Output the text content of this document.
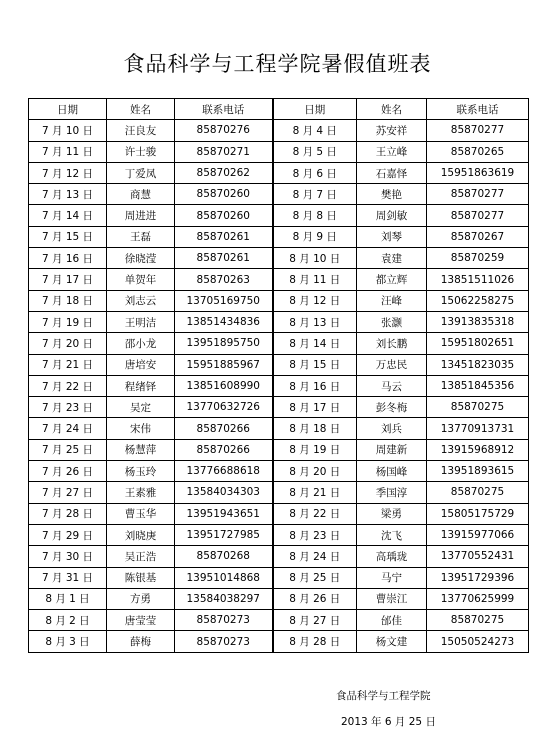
食品科学与工程学院暑假值班表
日期	姓名	联系电话	日期	姓名	联系电话
7 月 10 日	汪良友	85870276	8 月 4 日	苏安祥	85870277
7 月 11 日	许士骏	85870271	8 月 5 日	王立峰	85870265
7 月 12 日	丁爱凤	85870262	8 月 6 日	石嘉怿	15951863619
7 月 13 日	商慧	85870260	8 月 7 日	樊艳	85870277
7 月 14 日	周进进	85870260	8 月 8 日	周剑敏	85870277
7 月 15 日	王磊	85870261	8 月 9 日	刘琴	85870267
7 月 16 日	徐晓滢	85870261	8 月 10 日	袁建	85870259
7 月 17 日	单贺年	85870263	8 月 11 日	都立辉	13851511026
7 月 18 日	刘志云	13705169750	8 月 12 日	汪峰	15062258275
7 月 19 日	王明洁	13851434836	8 月 13 日	张灏	13913835318
7 月 20 日	邵小龙	13951895750	8 月 14 日	刘长鹏	15951802651
7 月 21 日	唐培安	15951885967	8 月 15 日	万忠民	13451823035
7 月 22 日	程绪铎	13851608990	8 月 16 日	马云	13851845356
7 月 23 日	吴定	13770632726	8 月 17 日	彭冬梅	85870275
7 月 24 日	宋伟	85870266	8 月 18 日	刘兵	13770913731
7 月 25 日	杨慧萍	85870266	8 月 19 日	周建新	13915968912
7 月 26 日	杨玉玲	13776688618	8 月 20 日	杨国峰	13951893615
7 月 27 日	王素雅	13584034303	8 月 21 日	季国淳	85870275
7 月 28 日	曹玉华	13951943651	8 月 22 日	梁勇	15805175729
7 月 29 日	刘晓庚	13951727985	8 月 23 日	沈飞	13915977066
7 月 30 日	吴正浩	85870268	8 月 24 日	高瑀珑	13770552431
7 月 31 日	陈银基	13951014868	8 月 25 日	马宁	13951729396
8 月 1 日	方勇	13584038297	8 月 26 日	曹崇江	13770625999
8 月 2 日	唐莹莹	85870273	8 月 27 日	邰佳	85870275
8 月 3 日	薛梅	85870273	8 月 28 日	杨文建	15050524273
食品科学与工程学院
2013 年 6 月 25 日
